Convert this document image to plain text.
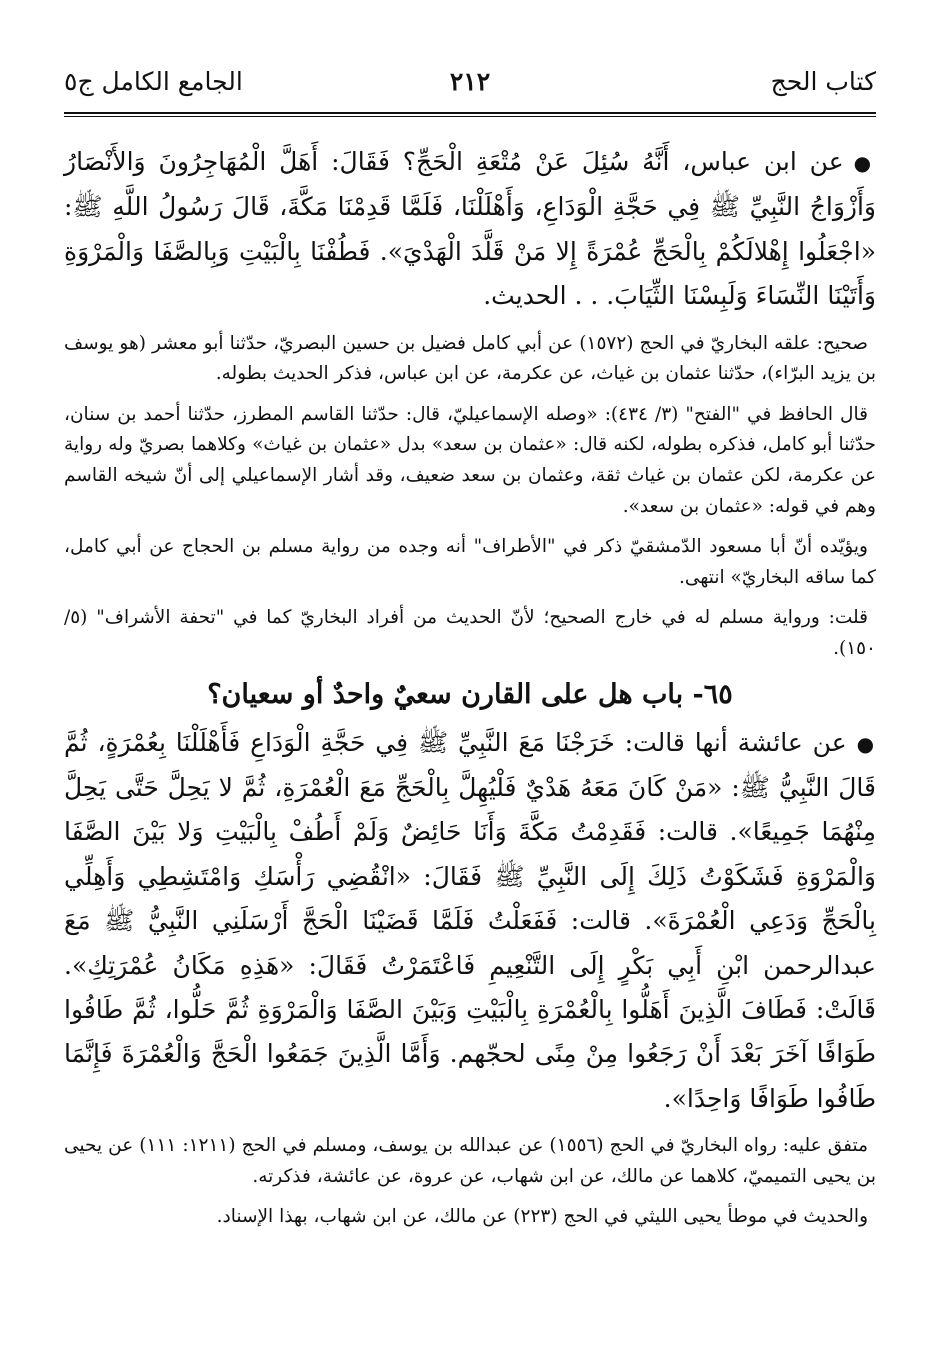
كتاب الحج
٢١٢
الجامع الكامل ج٥

●عن ابن عباس، أَنَّهُ سُئِلَ عَنْ مُتْعَةِ الْحَجِّ؟ فَقَالَ: أَهَلَّ الْمُهَاجِرُونَ وَالأَنْصَارُ وَأَزْوَاجُ النَّبِيِّ ﷺ فِي حَجَّةِ الْوَدَاعِ، وَأَهْلَلْنَا، فَلَمَّا قَدِمْنَا مَكَّةَ، قَالَ رَسُولُ اللَّهِ ﷺ: «اجْعَلُوا إِهْلالَكُمْ بِالْحَجِّ عُمْرَةً إِلا مَنْ قَلَّدَ الْهَدْيَ». فَطُفْنَا بِالْبَيْتِ وَبِالصَّفَا وَالْمَرْوَةِ وَأَتَيْنَا النِّسَاءَ وَلَبِسْنَا الثِّيَابَ. . . الحديث.

صحيح: علقه البخاريّ في الحج (١٥٧٢) عن أبي كامل فضيل بن حسين البصريّ، حدّثنا أبو معشر (هو يوسف بن يزيد البرّاء)، حدّثنا عثمان بن غياث، عن عكرمة، عن ابن عباس، فذكر الحديث بطوله.

قال الحافظ في "الفتح" (٣/ ٤٣٤): «وصله الإسماعيليّ، قال: حدّثنا القاسم المطرز، حدّثنا أحمد بن سنان، حدّثنا أبو كامل، فذكره بطوله، لكنه قال: «عثمان بن سعد» بدل «عثمان بن غياث» وكلاهما بصريّ وله رواية عن عكرمة، لكن عثمان بن غياث ثقة، وعثمان بن سعد ضعيف، وقد أشار الإسماعيلي إلى أنّ شيخه القاسم وهم في قوله: «عثمان بن سعد».

ويؤيّده أنّ أبا مسعود الدّمشقيّ ذكر في "الأطراف" أنه وجده من رواية مسلم بن الحجاج عن أبي كامل، كما ساقه البخاريّ» انتهى.

قلت: ورواية مسلم له في خارج الصحيح؛ لأنّ الحديث من أفراد البخاريّ كما في "تحفة الأشراف" (٥/ ١٥٠).

٦٥- باب هل على القارن سعيٌ واحدٌ أو سعيان؟

●عن عائشة أنها قالت: خَرَجْنَا مَعَ النَّبِيِّ ﷺ فِي حَجَّةِ الْوَدَاعِ فَأَهْلَلْنَا بِعُمْرَةٍ، ثُمَّ قَالَ النَّبِيُّ ﷺ: «مَنْ كَانَ مَعَهُ هَدْيٌ فَلْيُهِلَّ بِالْحَجِّ مَعَ الْعُمْرَةِ، ثُمَّ لا يَحِلَّ حَتَّى يَحِلَّ مِنْهُمَا جَمِيعًا». قالت: فَقَدِمْتُ مَكَّةَ وَأَنَا حَائِضٌ وَلَمْ أَطُفْ بِالْبَيْتِ وَلا بَيْنَ الصَّفَا وَالْمَرْوَةِ فَشَكَوْتُ ذَلِكَ إِلَى النَّبِيِّ ﷺ فَقَالَ: «انْقُضِي رَأْسَكِ وَامْتَشِطِي وَأَهِلِّي بِالْحَجِّ وَدَعِي الْعُمْرَةَ». قالت: فَفَعَلْتُ فَلَمَّا قَضَيْنَا الْحَجَّ أَرْسَلَنِي النَّبِيُّ ﷺ مَعَ عبدالرحمن ابْنِ أَبِي بَكْرٍ إِلَى التَّنْعِيمِ فَاعْتَمَرْتُ فَقَالَ: «هَذِهِ مَكَانُ عُمْرَتِكِ». قَالَتْ: فَطَافَ الَّذِينَ أَهَلُّوا بِالْعُمْرَةِ بِالْبَيْتِ وَبَيْنَ الصَّفَا وَالْمَرْوَةِ ثُمَّ حَلُّوا، ثُمَّ طَافُوا طَوَافًا آخَرَ بَعْدَ أَنْ رَجَعُوا مِنْ مِنًى لحجّهم. وَأَمَّا الَّذِينَ جَمَعُوا الْحَجَّ وَالْعُمْرَةَ فَإِنَّمَا طَافُوا طَوَافًا وَاحِدًا».

متفق عليه: رواه البخاريّ في الحج (١٥٥٦) عن عبدالله بن يوسف، ومسلم في الحج (١٢١١: ١١١) عن يحيى بن يحيى التميميّ، كلاهما عن مالك، عن ابن شهاب، عن عروة، عن عائشة، فذكرته.

والحديث في موطأ يحيى الليثي في الحج (٢٢٣) عن مالك، عن ابن شهاب، بهذا الإسناد.
